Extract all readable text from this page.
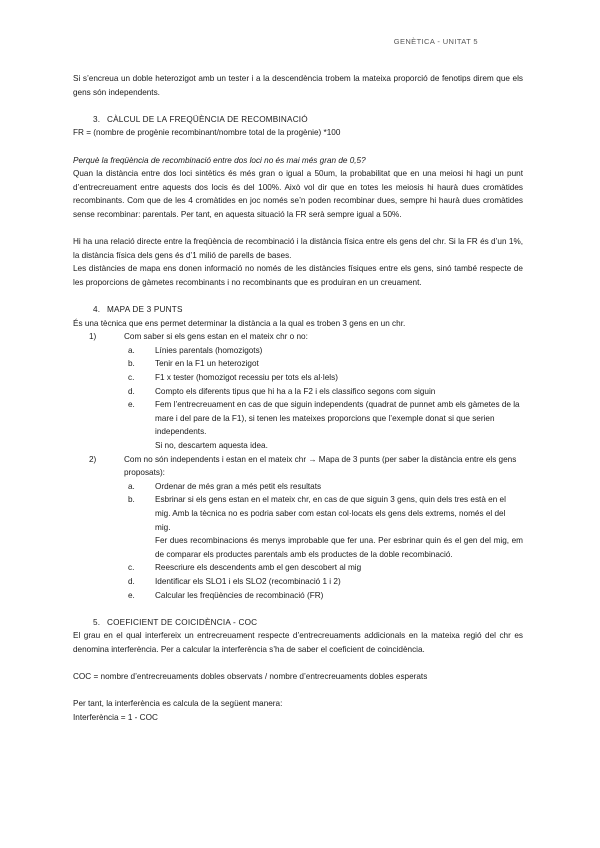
GENÈTICA - UNITAT 5

Si s’encreua un doble heterozigot amb un tester i a la descendència trobem la mateixa proporció de fenotips direm que els gens són independents.

3. CÀLCUL DE LA FREQÜÈNCIA DE RECOMBINACIÓ

FR = (nombre de progènie recombinant/nombre total de la progènie) *100

Perquè la freqüència de recombinació entre dos loci no és mai més gran de 0,5?

Quan la distància entre dos loci sintètics és més gran o igual a 50um, la probabilitat que en una meiosi hi hagi un punt d’entrecreuament entre aquests dos locis és del 100%. Això vol dir que en totes les meiosis hi haurà dues cromàtides recombinants. Com que de les 4 cromàtides en joc només se’n poden recombinar dues, sempre hi haurà dues cromàtides sense recombinar: parentals. Per tant, en aquesta situació la FR serà sempre igual a 50%.

Hi ha una relació directe entre la freqüència de recombinació i la distància física entre els gens del chr. Si la FR és d’un 1%, la distància física dels gens és d’1 milió de parells de bases.

Les distàncies de mapa ens donen informació no només de les distàncies físiques entre els gens, sinó també respecte de les proporcions de gàmetes recombinants i no recombinants que es produiran en un creuament.

4. MAPA DE 3 PUNTS

És una tècnica que ens permet determinar la distància a la qual es troben 3 gens en un chr.

1)	Com saber si els gens estan en el mateix chr o no:
a. Línies parentals (homozigots)
b. Tenir en la F1 un heterozigot
c.	F1 x tester (homozigot recessiu per tots els al·lels)
d. Compto els diferents tipus que hi ha a la F2 i els classifico segons com siguin
e. Fem l’entrecreuament en cas de que siguin independents (quadrat de punnet amb els gàmetes de la mare i del pare de la F1), si tenen les mateixes proporcions que l’exemple donat si que serien independents.

Si no, descartem aquesta idea.

2)	Com no són independents i estan en el mateix chr → Mapa de 3 punts (per saber la distància entre els gens proposats):
a. Ordenar de més gran a més petit els resultats
b. Esbrinar si els gens estan en el mateix chr, en cas de que siguin 3 gens, quin dels tres està en el mig. Amb la tècnica no es podria saber com estan col·locats els gens dels extrems, només el del mig.

Fer dues recombinacions és menys improbable que fer una. Per esbrinar quin és el gen del mig, em de comparar els productes parentals amb els productes de la doble recombinació.

c.	Reescriure els descendents amb el gen descobert al mig
d. Identificar els SLO1 i els SLO2 (recombinació 1 i 2)
e. Calcular les freqüències de recombinació (FR)

5. COEFICIENT DE COICIDÈNCIA - COC

El grau en el qual interfereix un entrecreuament respecte d’entrecreuaments addicionals en la mateixa regió del chr es denomina interferència. Per a calcular la interferència s’ha de saber el coeficient de coincidència.

COC = nombre d’entrecreuaments dobles observats / nombre d’entrecreuaments dobles esperats

Per tant, la interferència es calcula de la següent manera:

Interferència = 1 - COC
